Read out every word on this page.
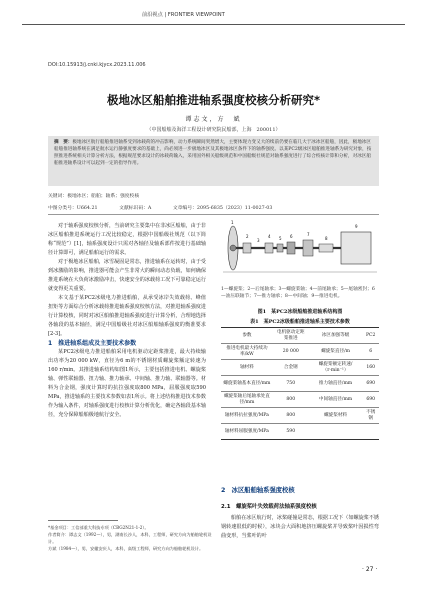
前沿视点 | FRONTIER VIEWPOINT
DOI:10.15913/j.cnki.kjycx.2023.11.006
极地冰区船舶推进轴系强度校核分析研究*
谭志文，方　斌
（中国船舶及海洋工程设计研究院民船部，上海　200011）
摘　要：极地冰区航行船舶推进轴系受到冰载荷的冲击影响，动力系统瞬间突然增大，主要体现力变又大的续前仍要在临几大于冰冰区船舶，因此，极地冰区船舶推进轴系统在满足航水运行静强度要求的基础上，尚必须进一步极地冰区及其极地冰区条件下的轴系强度。以某PC2级冰区船舶推进轴系为研究对象，按照推进系统相关计算分析方法，根据规范要求设计的冰载荷输入，采用国外相关船级规范和中国船级社规范对轴系强度进行了综合校核计算和分析，对冰区船舶推进轴系设计可以起到一定的指导作用。
关键词：极地冰区；船舶；轴系；强度校核
中图分类号：U664.21	文献标识码：A	文章编号：2095-6835（2023）11-0027-03

对于轴系强度校核分析，当前研究主要集中在非冰区船舶，由于非冰区船舶推进系统运行工况比较稳定，根据中国船级社规范（以下简称“规范”）[1]，轴系强度设计只需对各轴径及轴系部件按进行基础轴径计算即可，满足船舶运行的需求。

对于极地冰区船舶，冰雪凝固是常态，推进轴系在运转时，由于受到冰激励的影响，推进器可能会产生非常大的瞬间动态负载，如何确保推进系统在大负荷冰激励冲击，快速安全的冰载荷工况下可靠稳定运行就变得更关重要。

本文基于某PC2冰级电力推进船舶，从承受冰岸失效载荷、峰值扭矩等方面综合分析冰载荷推进轴系强度校核方法，对推进轴系强度进行计算校核，同时对冰区船舶推进轴系强度进行计算分析，合理地选择各轴段的基本轴径，满足中国船级社对冰区船舶轴系强度的衡准要求[2-3]。

1　推进轴系组成及主要技术参数

某PC2冰级电力推进船舶采用电机驱动定距桨推进，最大持续输出功率为20 000 kW，直径为6 m的不锈钢材质螺旋桨额定转速为160 r/min。其推进轴系结构如图1所示，主要包括推进电机、螺旋桨轴、弹性联轴器、扭力轴、推力轴承、中间轴、推力轴、联轴器等。材料为合金钢，强度计算时的抗拉强度取800 MPa，屈服强度取590 MPa，推进轴系的主要技术参数如表1所示。将上述结构推进技术参数作为输入条件，对轴系强度进行校核计算分析优化，确定各轴段基本轴径，充分保障船舶极地航行安全。

1
2
3
4 5 6	7
8
9
1—螺旋桨；2—后尾轴承；3—螺旋桨轴；4—前尾轴承；5—尾轴密封；6—油压联轴节；7—推力轴承；8—中间轴；9—推进电机。
图1　某PC2冰级船舶推进轴系结构图
表1　某PC2冰级船舶推进轴系主要技术参数
参数	电机驱动定距桨推进	冰区加强等级	PC2
推进电机最大持续功率/kW	20 000	螺旋桨直径/m	6
轴材料	合金钢	螺旋桨额定转速/（r·min⁻¹）	160
螺旋桨轴基本直径/mm	750	推力轴直径/mm	690
螺旋桨轴后尾轴承处直径/mm	800	中间轴直径/mm	690
轴材料抗拉强度/MPa	800	螺旋桨材料	不锈钢
轴材料屈服强度/MPa	590		
2　冰区船舶轴系强度校核
2.1　螺旋桨叶失效载荷法轴系强度校核
船舶在冰区航行时，冰桨碰撞是常态，根据工况下（如螺旋桨不锈钢转速很低的时候），冰块会大面积地挤压螺旋桨并导致桨叶因损性弯曲变形，当桨叶的叶
*基金项目：工信部重大科技专项（CBG2N21-1-2）。
作者简介：谭志文（1992—），男，湖南长沙人，本科，工程师，研究方向为船舶轮机设计。
方斌（1984—），男，安徽安庆人，本科，高级工程师，研究方向为船舶轮机设计。
· 27 ·
